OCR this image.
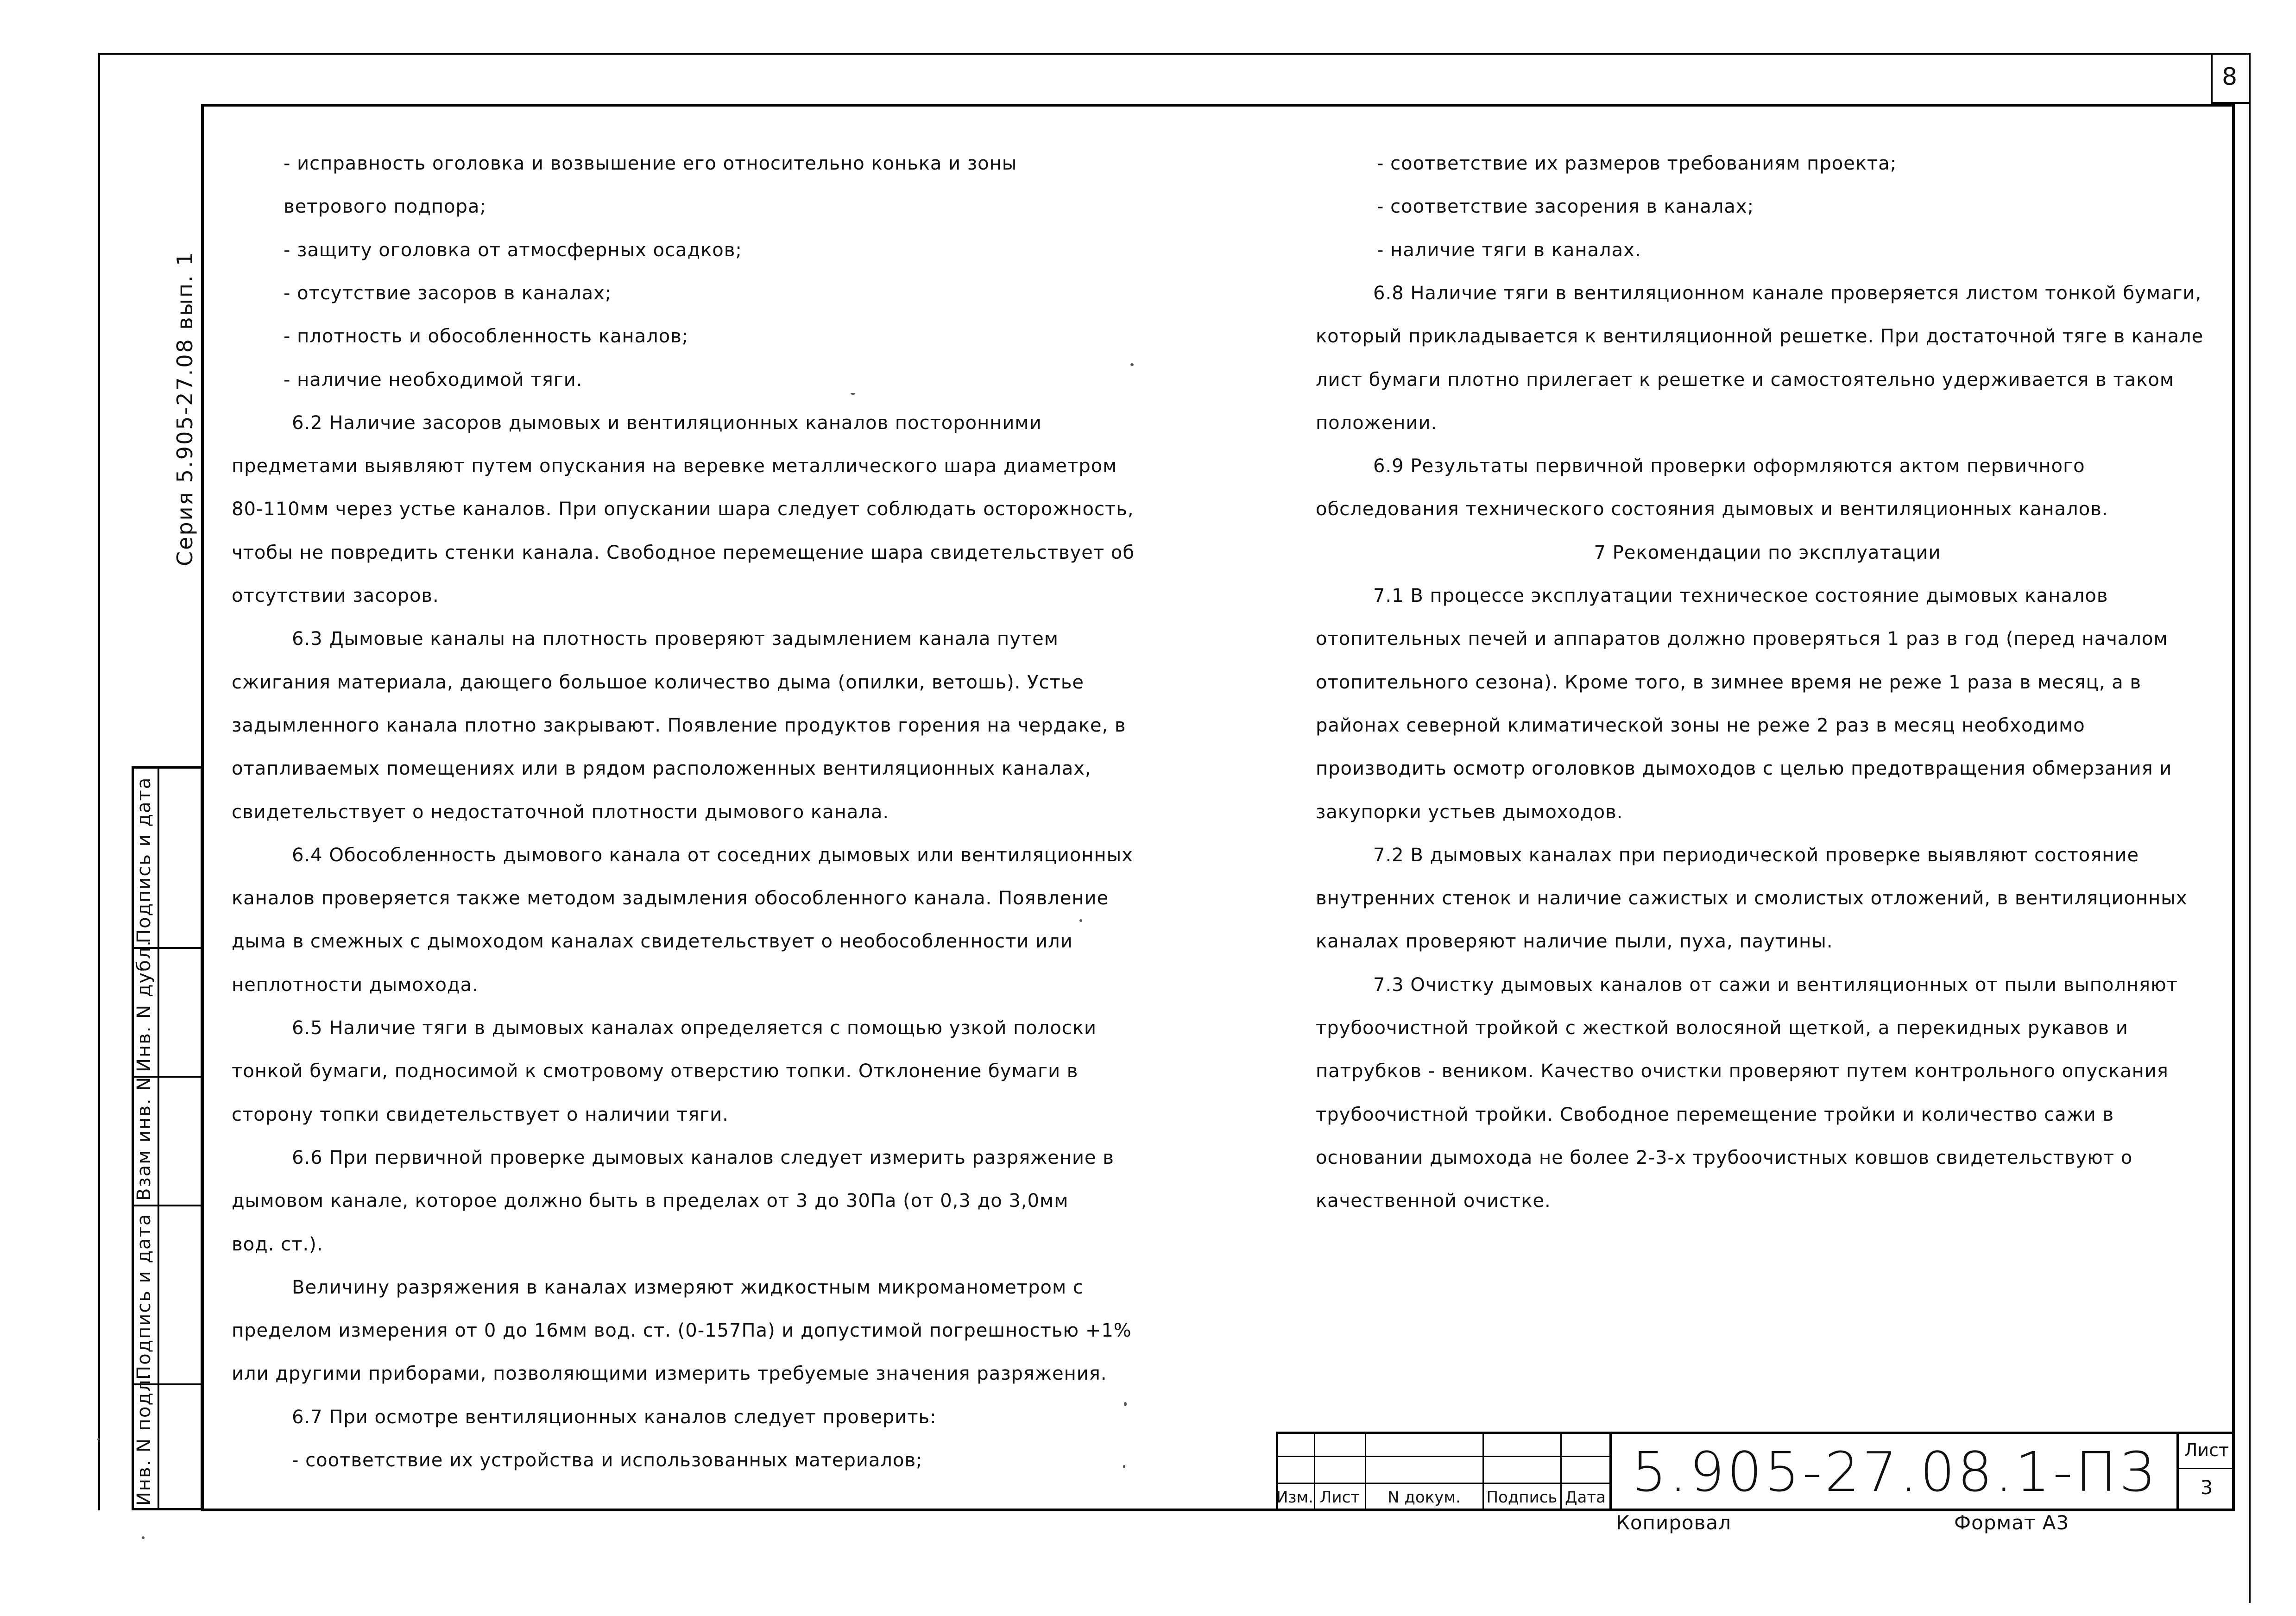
8
Серия 5.905-27.08 вып. 1
Инв. N подл.
Подпись и дата
Взам инв. N
Инв. N дубл.
Подпись и дата
- исправность оголовка и возвышение его относительно конька и зоны
ветрового подпора;
- защиту оголовка от атмосферных осадков;
- отсутствие засоров в каналах;
- плотность и обособленность каналов;
- наличие необходимой тяги.
6.2 Наличие засоров дымовых и вентиляционных каналов посторонними
предметами выявляют путем опускания на веревке металлического шара диаметром
80-110мм через устье каналов. При опускании шара следует соблюдать осторожность,
чтобы не повредить стенки канала. Свободное перемещение шара свидетельствует об
отсутствии засоров.
6.3 Дымовые каналы на плотность проверяют задымлением канала путем
сжигания материала, дающего большое количество дыма (опилки, ветошь). Устье
задымленного канала плотно закрывают. Появление продуктов горения на чердаке, в
отапливаемых помещениях или в рядом расположенных вентиляционных каналах,
свидетельствует о недостаточной плотности дымового канала.
6.4 Обособленность дымового канала от соседних дымовых или вентиляционных
каналов проверяется также методом задымления обособленного канала. Появление
дыма в смежных с дымоходом каналах свидетельствует о необособленности или
неплотности дымохода.
6.5 Наличие тяги в дымовых каналах определяется с помощью узкой полоски
тонкой бумаги, подносимой к смотровому отверстию топки. Отклонение бумаги в
сторону топки свидетельствует о наличии тяги.
6.6 При первичной проверке дымовых каналов следует измерить разряжение в
дымовом канале, которое должно быть в пределах от 3 до 30Па (от 0,3 до 3,0мм
вод. ст.).
Величину разряжения в каналах измеряют жидкостным микроманометром с
пределом измерения от 0 до 16мм вод. ст. (0-157Па) и допустимой погрешностью +1%
или другими приборами, позволяющими измерить требуемые значения разряжения.
6.7 При осмотре вентиляционных каналов следует проверить:
- соответствие их устройства и использованных материалов;
- соответствие их размеров требованиям проекта;
- соответствие засорения в каналах;
- наличие тяги в каналах.
6.8 Наличие тяги в вентиляционном канале проверяется листом тонкой бумаги,
который прикладывается к вентиляционной решетке. При достаточной тяге в канале
лист бумаги плотно прилегает к решетке и самостоятельно удерживается в таком
положении.
6.9 Результаты первичной проверки оформляются актом первичного
обследования технического состояния дымовых и вентиляционных каналов.
7 Рекомендации по эксплуатации
7.1 В процессе эксплуатации техническое состояние дымовых каналов
отопительных печей и аппаратов должно проверяться 1 раз в год (перед началом
отопительного сезона). Кроме того, в зимнее время не реже 1 раза в месяц, а в
районах северной климатической зоны не реже 2 раз в месяц необходимо
производить осмотр оголовков дымоходов с целью предотвращения обмерзания и
закупорки устьев дымоходов.
7.2 В дымовых каналах при периодической проверке выявляют состояние
внутренних стенок и наличие сажистых и смолистых отложений, в вентиляционных
каналах проверяют наличие пыли, пуха, паутины.
7.3 Очистку дымовых каналов от сажи и вентиляционных от пыли выполняют
трубоочистной тройкой с жесткой волосяной щеткой, а перекидных рукавов и
патрубков - веником. Качество очистки проверяют путем контрольного опускания
трубоочистной тройки. Свободное перемещение тройки и количество сажи в
основании дымохода не более 2-3-х трубоочистных ковшов свидетельствуют о
качественной очистке.
Изм. Лист	N докум.	Подпись Дата 5.905-27.08.1-ПЗ	Лист
3
Копировал	Формат А3
